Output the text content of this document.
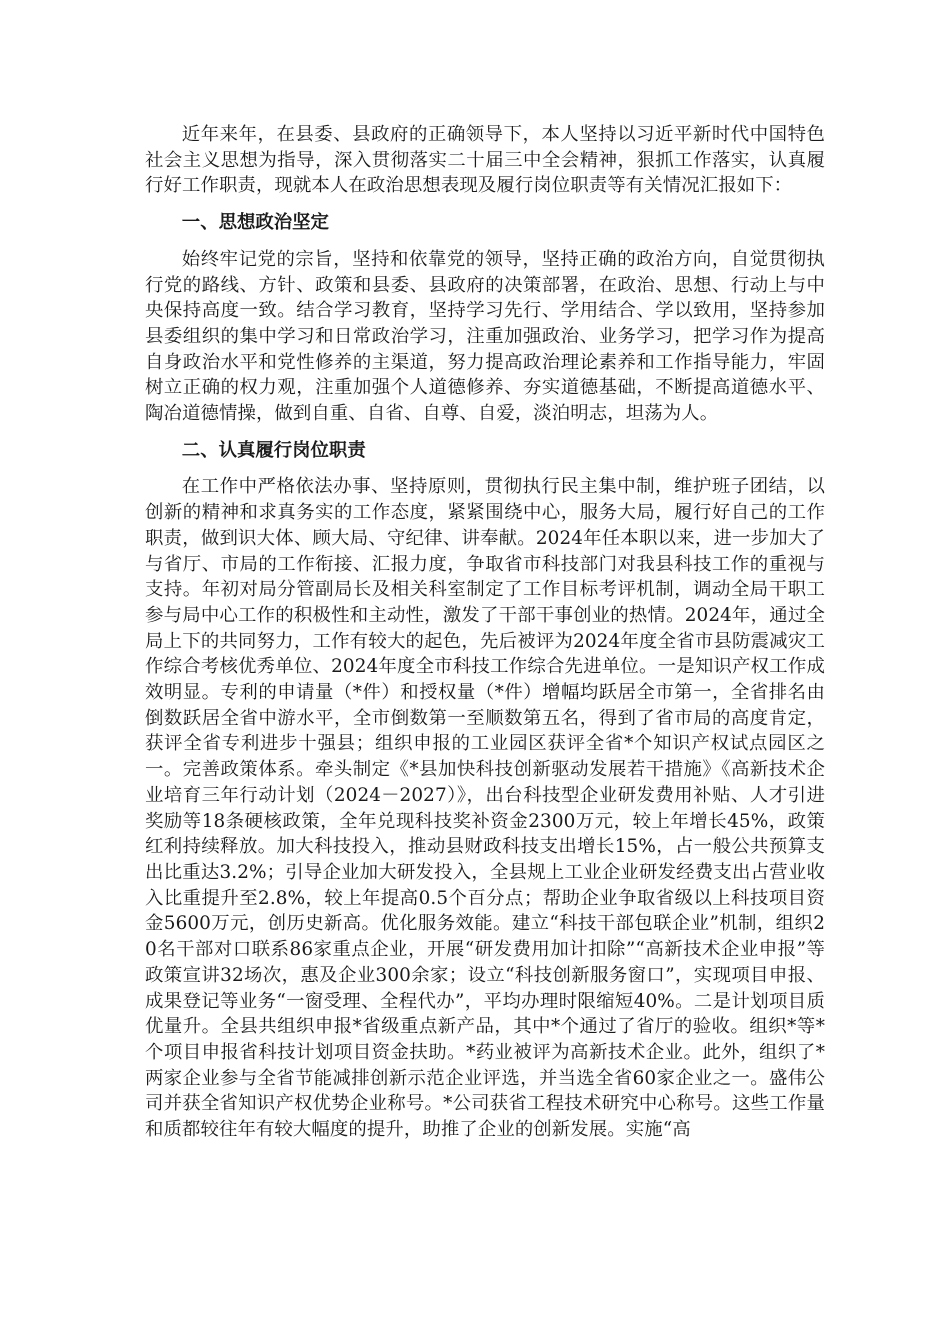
近年来年，在县委、县政府的正确领导下，本人坚持以习近平新时代中国特色社会主义思想为指导，深入贯彻落实二十届三中全会精神，狠抓工作落实，认真履行好工作职责，现就本人在政治思想表现及履行岗位职责等有关情况汇报如下：

一、思想政治坚定

始终牢记党的宗旨，坚持和依靠党的领导，坚持正确的政治方向，自觉贯彻执行党的路线、方针、政策和县委、县政府的决策部署，在政治、思想、行动上与中央保持高度一致。结合学习教育，坚持学习先行、学用结合、学以致用，坚持参加县委组织的集中学习和日常政治学习，注重加强政治、业务学习，把学习作为提高自身政治水平和党性修养的主渠道，努力提高政治理论素养和工作指导能力，牢固树立正确的权力观，注重加强个人道德修养、夯实道德基础，不断提高道德水平、陶冶道德情操，做到自重、自省、自尊、自爱，淡泊明志，坦荡为人。

二、认真履行岗位职责

在工作中严格依法办事、坚持原则，贯彻执行民主集中制，维护班子团结，以创新的精神和求真务实的工作态度，紧紧围绕中心，服务大局，履行好自己的工作职责，做到识大体、顾大局、守纪律、讲奉献。2024年任本职以来，进一步加大了与省厅、市局的工作衔接、汇报力度，争取省市科技部门对我县科技工作的重视与支持。年初对局分管副局长及相关科室制定了工作目标考评机制，调动全局干职工参与局中心工作的积极性和主动性，激发了干部干事创业的热情。2024年，通过全局上下的共同努力，工作有较大的起色，先后被评为2024年度全省市县防震减灾工作综合考核优秀单位、2024年度全市科技工作综合先进单位。一是知识产权工作成效明显。专利的申请量（*件）和授权量（*件）增幅均跃居全市第一，全省排名由倒数跃居全省中游水平，全市倒数第一至顺数第五名，得到了省市局的高度肯定，获评全省专利进步十强县；组织申报的工业园区获评全省*个知识产权试点园区之一。完善政策体系。牵头制定《*县加快科技创新驱动发展若干措施》《高新技术企业培育三年行动计划（2024－2027）》，出台科技型企业研发费用补贴、人才引进奖励等18条硬核政策，全年兑现科技奖补资金2300万元，较上年增长45%，政策红利持续释放。加大科技投入，推动县财政科技支出增长15%，占一般公共预算支出比重达3.2%；引导企业加大研发投入，全县规上工业企业研发经费支出占营业收入比重提升至2.8%，较上年提高0.5个百分点；帮助企业争取省级以上科技项目资金5600万元，创历史新高。优化服务效能。建立“科技干部包联企业”机制，组织20名干部对口联系86家重点企业，开展“研发费用加计扣除”“高新技术企业申报”等政策宣讲32场次，惠及企业300余家；设立“科技创新服务窗口”，实现项目申报、成果登记等业务“一窗受理、全程代办”，平均办理时限缩短40%。二是计划项目质优量升。全县共组织申报*省级重点新产品，其中*个通过了省厅的验收。组织*等*个项目申报省科技计划项目资金扶助。*药业被评为高新技术企业。此外，组织了*两家企业参与全省节能减排创新示范企业评选，并当选全省60家企业之一。盛伟公司并获全省知识产权优势企业称号。*公司获省工程技术研究中心称号。这些工作量和质都较往年有较大幅度的提升，助推了企业的创新发展。实施“高
